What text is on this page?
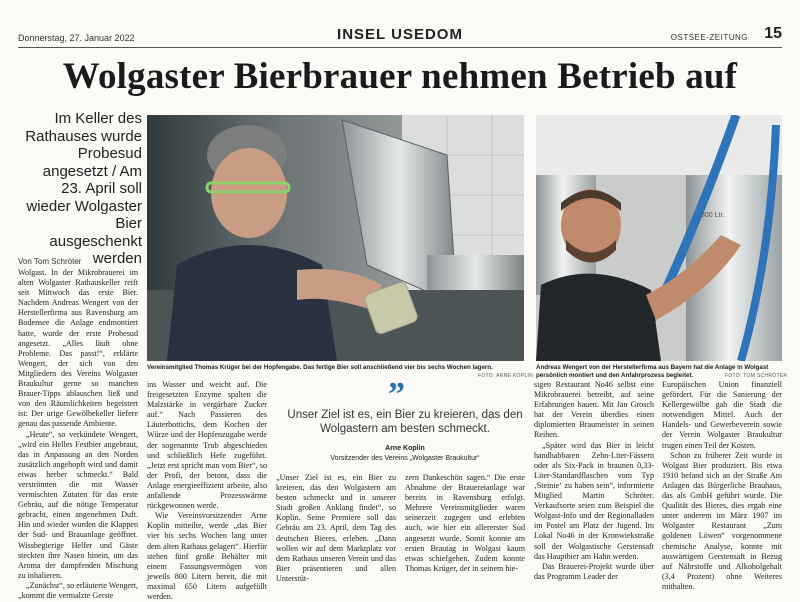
Donnerstag, 27. Januar 2022	INSEL USEDOM	OSTSEE-ZEITUNG 15
Wolgaster Bierbrauer nehmen Betrieb auf
Im Keller des Rathauses wurde Probesud angesetzt / Am 23. April soll wieder Wolgaster Bier ausgeschenkt werden
Von Tom Schröter
Vereinsmitglied Thomas Krüger bei der Hopfengabe. Das fertige Bier soll anschließend vier bis sechs Wochen lagern.
FOTO: ARNE KOPLIN
800 Ltr.
Andreas Wengert von der Herstellerfirma aus Bayern hat die Anlage in Wolgast persönlich montiert und den Anfahrprozess begleitet.	FOTO: TOM SCHRÖTER

Wolgast. In der Mikrobrauerei im alten Wolgaster Rathauskeller reift seit Mittwoch das erste Bier. Nachdem Andreas Wengert von der Herstellerfirma aus Ravensburg am Bodensee die Anlage endmontiert hatte, wurde der erste Probesud angesetzt. „Alles läuft ohne Probleme. Das passt!“, erklärte Wengert, der sich von den Mitgliedern des Vereins Wolgaster Braukultur gerne so manchen Brauer-Tipps ablauschen ließ und von den Räumlichkeiten begeistert ist: Der urige Gewölbekeller liefere genau das passende Ambiente.

„Heute“, so verkündete Wengert, „wird ein Helles Festbier angebraut, das in Anpassung an den Norden zusätzlich angehopft wird und damit etwas herber schmeckt.“ Bald verströmten die mit Wasser vermischten Zutaten für das erste Gebräu, auf die nötige Temperatur gebracht, einen angenehmen Duft. Hin und wieder wurden die Klappen der Sud- und Brauanlage geöffnet. Wissbegierige Helfer und Gäste steckten ihre Nasen hinein, um das Aroma der dampfenden Mischung zu inhalieren.

„Zunächst“, so erläuterte Wengert, „kommt die vermalzte Gerste

ins Wasser und weicht auf. Die freigesetzten Enzyme spalten die Malzstärke in vergärbare Zucker auf.“ Nach Passieren des Läuterbottichs, dem Kochen der Würze und der Hopfenzugabe werde der sogenannte Trub abgeschieden und schließlich Hefe zugeführt. „Jetzt erst spricht man vom Bier“, so der Profi, der betont, dass die Anlage energieeffizient arbeite, also anfallende Prozesswärme rückgewonnen werde.

Wie Vereinsvorsitzender Arne Koplin mitteilte, werde „das Bier vier bis sechs Wochen lang unter dem alten Rathaus gelagert“. Hierfür stehen fünf große Behälter mit einem Fassungsvermögen von jeweils 800 Litern bereit, die mit maximal 650 Litern aufgefüllt werden.

”
Unser Ziel ist es, ein Bier zu kreieren, das den Wolgastern am besten schmeckt.
Arne Koplin
Vorsitzender des Vereins „Wolgaster Braukultur“

„Unser Ziel ist es, ein Bier zu kreieren, das den Wolgastern am besten schmeckt und in unserer Stadt großen Anklang findet“, so Koplin. Seine Premiere soll das Gebräu am 23. April, dem Tag des deutschen Bieres, erleben. „Dann wollen wir auf dem Marktplatz vor dem Rathaus unseren Verein und das Bier präsentieren und allen Unterstüt-

zern Dankeschön sagen.“ Die erste Abnahme der Brauereianlage war bereits in Ravensburg erfolgt. Mehrere Vereinsmitglieder waren seinerzeit zugegen und erlebten auch, wie hier ein allererster Sud angesetzt wurde. Somit konnte am ersten Brautag in Wolgast kaum etwas schiefgehen. Zudem konnte Thomas Krüger, der in seinem hie-

sigen Restaurant No46 selbst eine Mikrobrauerei betreibt, auf seine Erfahrungen bauen. Mit Jan Grosch hat der Verein überdies einen diplomierten Braumeister in seinen Reihen.

„Später wird das Bier in leicht handhabbaren Zehn-Liter-Fässern oder als Six-Pack in braunen 0,33-Liter-Standardflaschen vom Typ ‚Steinie‘ zu haben sein“, informierte Mitglied Martin Schröter. Verkaufsorte seien zum Beispiel die Wolgast-Info und der Regionalladen im Postel am Platz der Jugend. Im Lokal No46 in der Kronwiekstraße soll der Wolgastische Gerstensaft das Hauptbier am Hahn werden.

Das Brauerei-Projekt wurde über das Programm Leader der

Europäischen Union finanziell gefördert. Für die Sanierung der Kellergewölbe gab die Stadt die notwendigen Mittel. Auch der Handels- und Gewerbeverein sowie der Verein Wolgaster Braukultur trugen einen Teil der Kosten.

Schon zu früherer Zeit wurde in Wolgast Bier produziert. Bis etwa 1910 befand sich an der Straße Am Anlagen das Bürgerliche Brauhaus, das als GmbH geführt wurde. Die Qualität des Bieres, dies ergab eine unter anderem im März 1907 im Wolgaster Restaurant „Zum goldenen Löwen“ vorgenommene chemische Analyse, konnte mit auswärtigem Gerstensaft in Bezug auf Nährstoffe und Alkoholgehalt (3,4 Prozent) ohne Weiteres mithalten.
